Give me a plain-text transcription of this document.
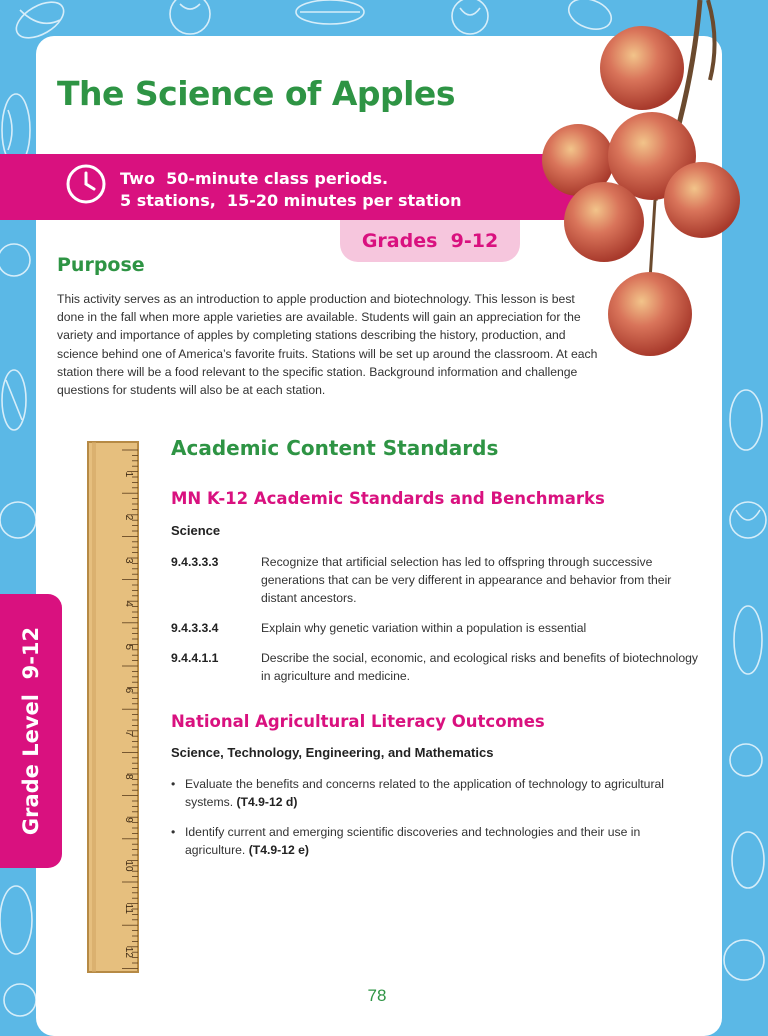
The Science of Apples
Two  50-minute class periods.
5 stations,  15-20 minutes per station
Grades  9-12
Purpose

This activity serves as an introduction to apple production and biotechnology. This lesson is best done in the fall when more apple varieties are available. Students will gain an appreciation for the variety and importance of apples by completing stations describing the history, production, and science behind one of America’s favorite fruits. Stations will be set up around the classroom. At each station there will be a food relevant to the specific station. Background information and challenge questions for students will also be at each station.

1
2
3
4
5
6
7
8
9
10
11
12
Academic Content Standards
MN K-12 Academic Standards and Benchmarks
Science
9.4.3.3.3	Recognize that artificial selection has led to offspring through successive generations that can be very different in appearance and behavior from their distant ancestors.
9.4.3.3.4	Explain why genetic variation within a population is essential
9.4.4.1.1	Describe the social, economic, and ecological risks and benefits of biotechnology in agriculture and medicine.
National Agricultural Literacy Outcomes
Science, Technology, Engineering, and Mathematics
• Evaluate the benefits and concerns related to the application of technology to agricultural systems. (T4.9-12 d)
• Identify current and emerging scientific discoveries and technologies and their use in agriculture. (T4.9-12 e)
Grade Level  9-12
78
